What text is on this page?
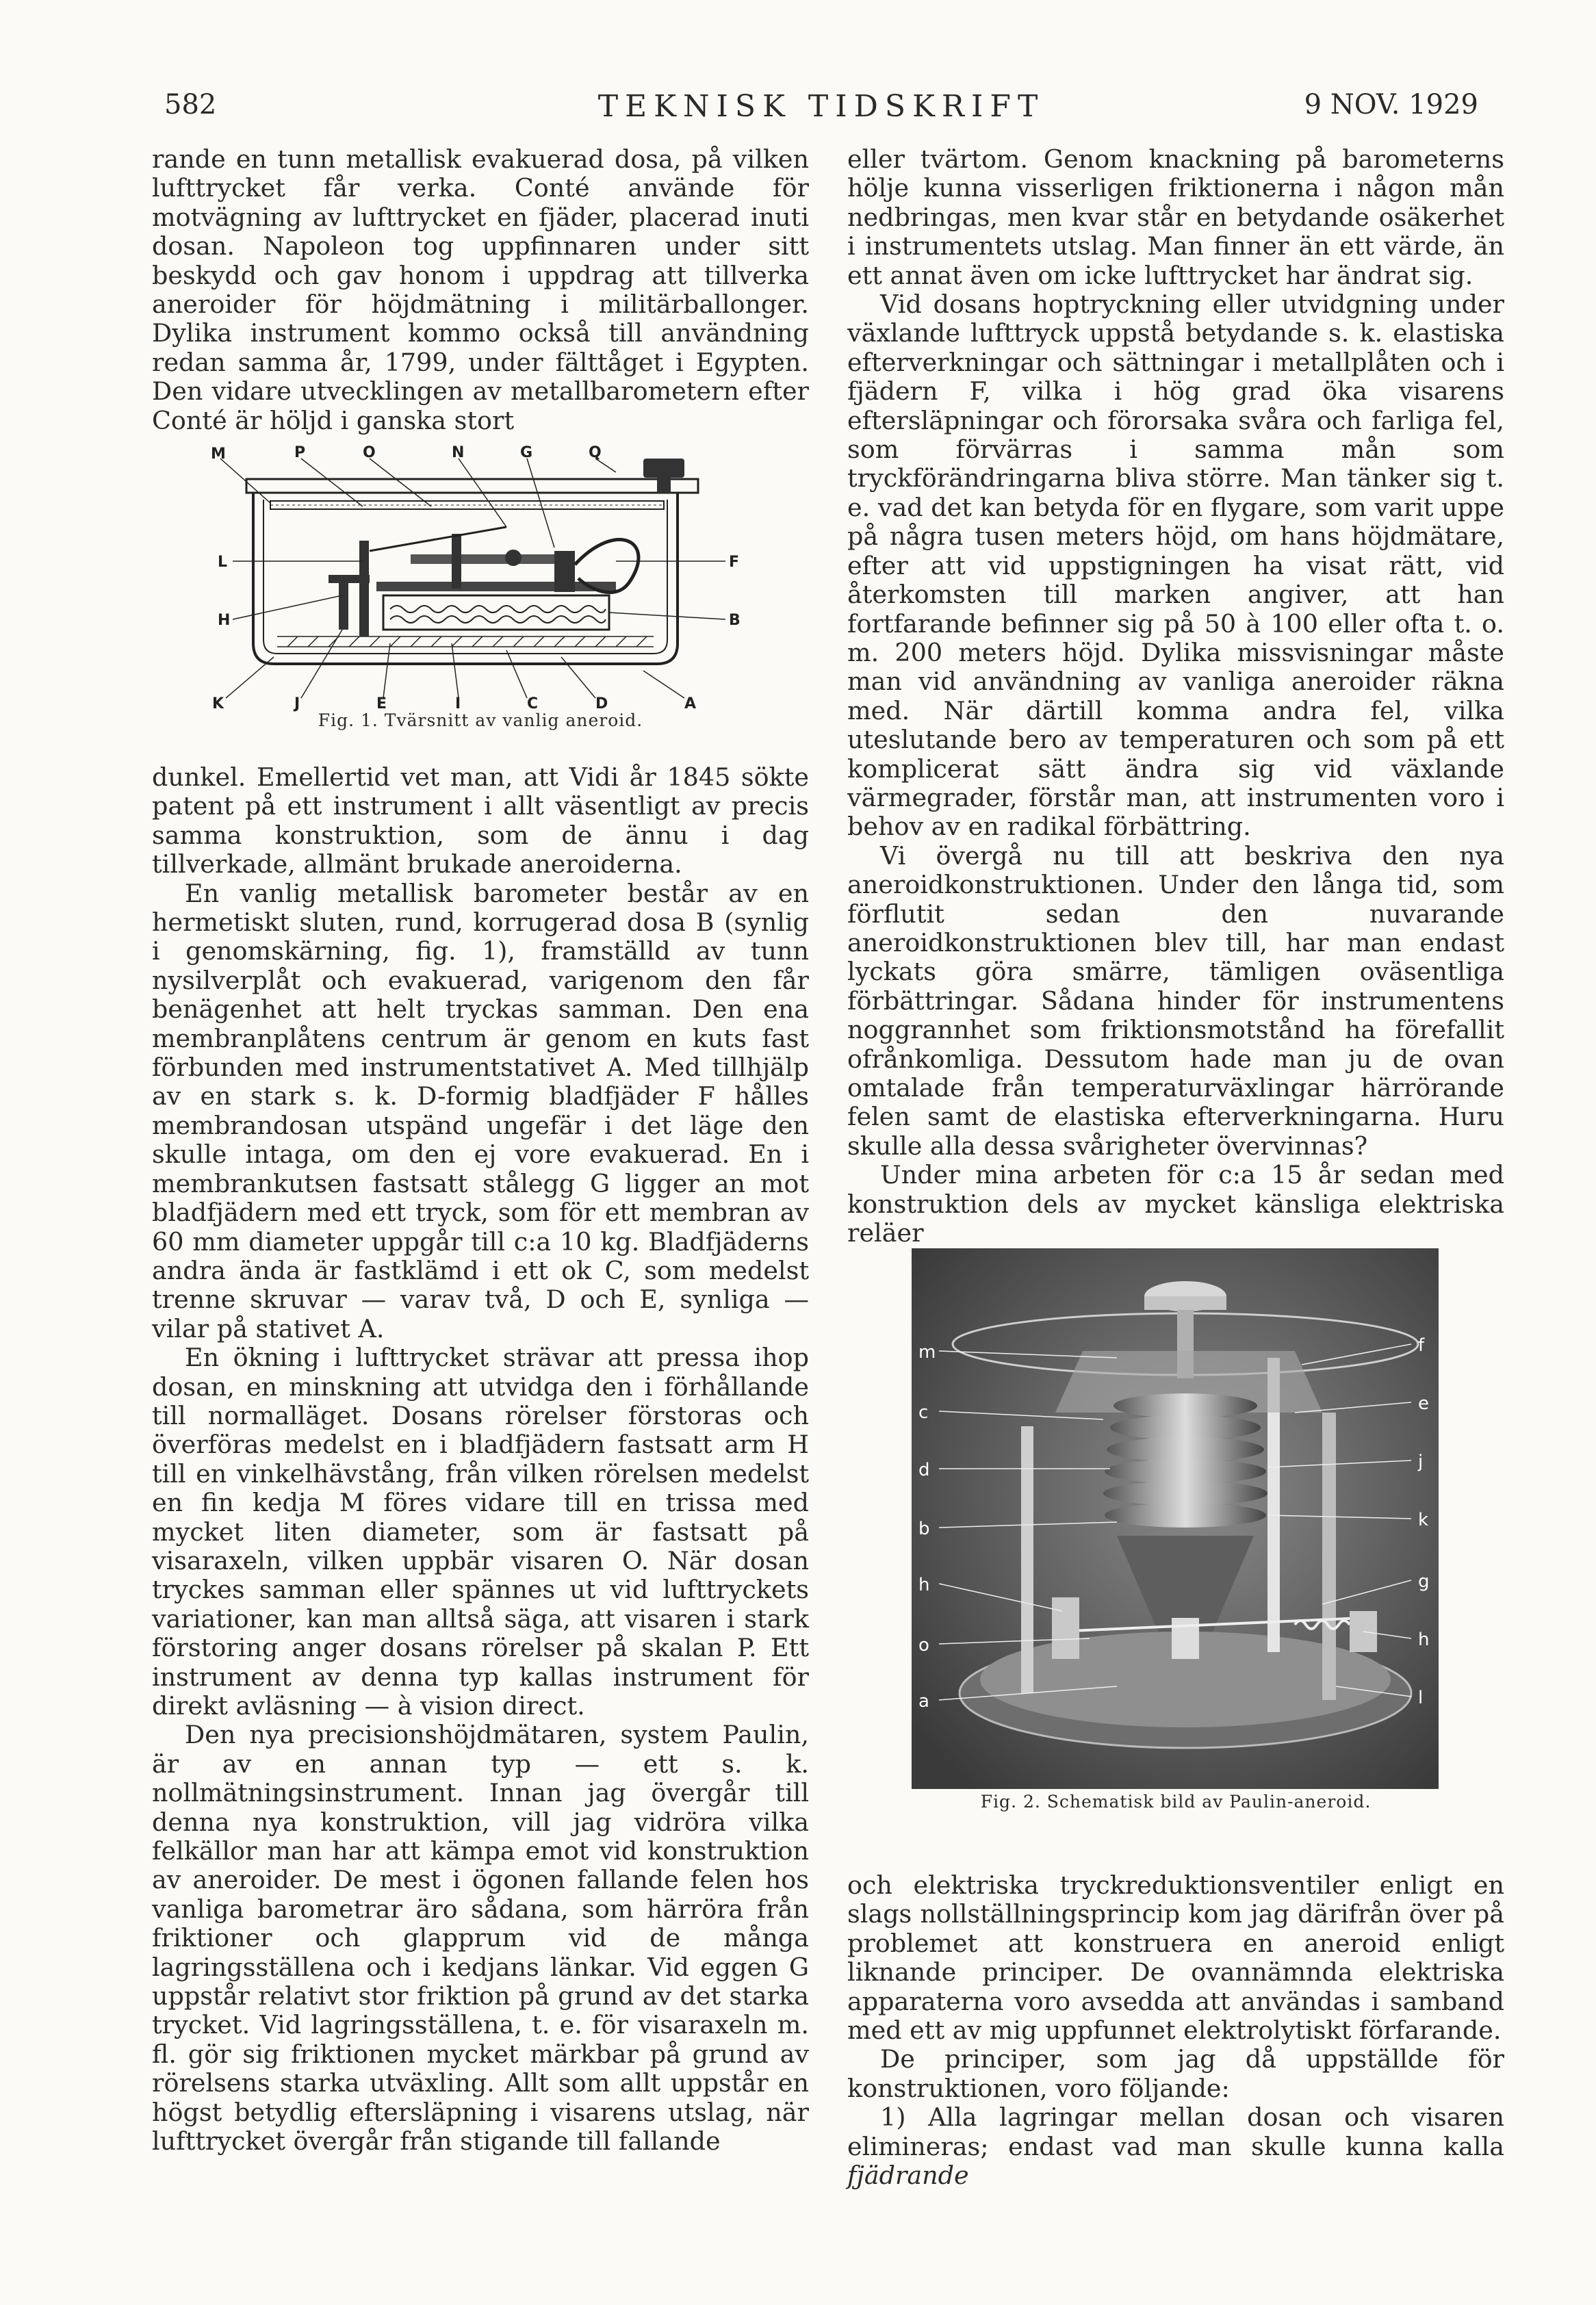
582	TEKNISK TIDSKRIFT	9 NOV. 1929

rande en tunn metallisk evakuerad dosa, på vilken lufttrycket får verka. Conté använde för motvägning av lufttrycket en fjäder, placerad inuti dosan. Napoleon tog uppfinnaren under sitt beskydd och gav honom i uppdrag att tillverka aneroider för höjdmätning i militärballonger. Dylika instrument kommo också till användning redan samma år, 1799, under fälttåget i Egypten. Den vidare utvecklingen av metallbarometern efter Conté är höljd i ganska stort

M	P	O	N	G	Q
L	F
H	B
K	J	E	I	C	D	A
Fig. 1. Tvärsnitt av vanlig aneroid.

dunkel. Emellertid vet man, att Vidi år 1845 sökte patent på ett instrument i allt väsentligt av precis samma konstruktion, som de ännu i dag tillverkade, allmänt brukade aneroiderna.

En vanlig metallisk barometer består av en hermetiskt sluten, rund, korrugerad dosa B (synlig i genomskärning, fig. 1), framställd av tunn nysilverplåt och evakuerad, varigenom den får benägenhet att helt tryckas samman. Den ena membranplåtens centrum är genom en kuts fast förbunden med instrumentstativet A. Med tillhjälp av en stark s. k. D-formig bladfjäder F hålles membrandosan utspänd ungefär i det läge den skulle intaga, om den ej vore evakuerad. En i membrankutsen fastsatt stålegg G ligger an mot bladfjädern med ett tryck, som för ett membran av 60 mm diameter uppgår till c:a 10 kg. Bladfjäderns andra ända är fastklämd i ett ok C, som medelst trenne skruvar — varav två, D och E, synliga — vilar på stativet A.

En ökning i lufttrycket strävar att pressa ihop dosan, en minskning att utvidga den i förhållande till normalläget. Dosans rörelser förstoras och överföras medelst en i bladfjädern fastsatt arm H till en vinkelhävstång, från vilken rörelsen medelst en fin kedja M föres vidare till en trissa med mycket liten diameter, som är fastsatt på visaraxeln, vilken uppbär visaren O. När dosan tryckes samman eller spännes ut vid lufttryckets variationer, kan man alltså säga, att visaren i stark förstoring anger dosans rörelser på skalan P. Ett instrument av denna typ kallas instrument för direkt avläsning — à vision direct.

Den nya precisionshöjdmätaren, system Paulin, är av en annan typ — ett s. k. nollmätningsinstrument. Innan jag övergår till denna nya konstruktion, vill jag vidröra vilka felkällor man har att kämpa emot vid konstruktion av aneroider. De mest i ögonen fallande felen hos vanliga barometrar äro sådana, som härröra från friktioner och glapprum vid de många lagringsställena och i kedjans länkar. Vid eggen G uppstår relativt stor friktion på grund av det starka trycket. Vid lagringsställena, t. e. för visaraxeln m. fl. gör sig friktionen mycket märkbar på grund av rörelsens starka utväxling. Allt som allt uppstår en högst betydlig eftersläpning i visarens utslag, när lufttrycket övergår från stigande till fallande

eller tvärtom. Genom knackning på barometerns hölje kunna visserligen friktionerna i någon mån nedbringas, men kvar står en betydande osäkerhet i instrumentets utslag. Man finner än ett värde, än ett annat även om icke lufttrycket har ändrat sig.

Vid dosans hoptryckning eller utvidgning under växlande lufttryck uppstå betydande s. k. elastiska efterverkningar och sättningar i metallplåten och i fjädern F, vilka i hög grad öka visarens eftersläpningar och förorsaka svåra och farliga fel, som förvärras i samma mån som tryckförändringarna bliva större. Man tänker sig t. e. vad det kan betyda för en flygare, som varit uppe på några tusen meters höjd, om hans höjdmätare, efter att vid uppstigningen ha visat rätt, vid återkomsten till marken angiver, att han fortfarande befinner sig på 50 à 100 eller ofta t. o. m. 200 meters höjd. Dylika missvisningar måste man vid användning av vanliga aneroider räkna med. När därtill komma andra fel, vilka uteslutande bero av temperaturen och som på ett komplicerat sätt ändra sig vid växlande värmegrader, förstår man, att instrumenten voro i behov av en radikal förbättring.

Vi övergå nu till att beskriva den nya aneroidkonstruktionen. Under den långa tid, som förflutit sedan den nuvarande aneroidkonstruktionen blev till, har man endast lyckats göra smärre, tämligen oväsentliga förbättringar. Sådana hinder för instrumentens noggrannhet som friktionsmotstånd ha förefallit ofrånkomliga. Dessutom hade man ju de ovan omtalade från temperaturväxlingar härrörande felen samt de elastiska efterverkningarna. Huru skulle alla dessa svårigheter övervinnas?

Under mina arbeten för c:a 15 år sedan med konstruktion dels av mycket känsliga elektriska reläer

m
c
d
b
h
o
a
f
e
j
k
g
h
l
Fig. 2. Schematisk bild av Paulin-aneroid.

och elektriska tryckreduktionsventiler enligt en slags nollställningsprincip kom jag därifrån över på problemet att konstruera en aneroid enligt liknande principer. De ovannämnda elektriska apparaterna voro avsedda att användas i samband med ett av mig uppfunnet elektrolytiskt förfarande.

De principer, som jag då uppställde för konstruktionen, voro följande:

1) Alla lagringar mellan dosan och visaren elimineras; endast vad man skulle kunna kalla fjädrande
